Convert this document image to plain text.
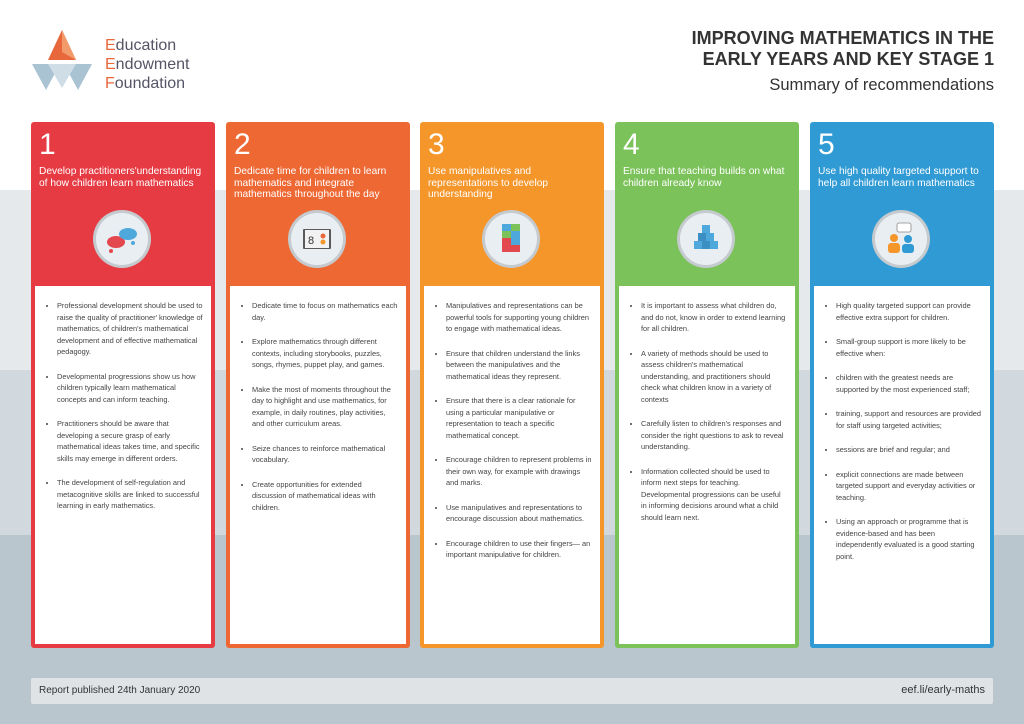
Education
Endowment
Foundation
IMPROVING MATHEMATICS IN THE
EARLY YEARS AND KEY STAGE 1
Summary of recommendations
1
Develop practitioners'understanding of how children learn mathematics
• Professional development should be used to raise the quality of practitioner' knowledge of mathematics, of children's mathematical development and of effective mathematical pedagogy.
• Developmental progressions show us how children typically learn mathematical concepts and can inform teaching.
• Practitioners should be aware that developing a secure grasp of early mathematical ideas takes time, and specific skills may emerge in different orders.
• The development of self-regulation and metacognitive skills are linked to successful learning in early mathematics.
2
Dedicate time for children to learn mathematics and integrate mathematics throughout the day
8
• Dedicate time to focus on mathematics each day.
• Explore mathematics through different contexts, including storybooks, puzzles, songs, rhymes, puppet play, and games.
• Make the most of moments throughout the day to highlight and use mathematics, for example, in daily routines, play activities, and other curriculum areas.
• Seize chances to reinforce mathematical vocabulary.
• Create opportunities for extended discussion of mathematical ideas with children.
3
Use manipulatives and representations to develop understanding
• Manipulatives and representations can be powerful tools for supporting young children to engage with mathematical ideas.
• Ensure that children understand the links between the manipulatives and the mathematical ideas they represent.
• Ensure that there is a clear rationale for using a particular manipulative or representation to teach a specific mathematical concept.
• Encourage children to represent problems in their own way, for example with drawings and marks.
• Use manipulatives and representations to encourage discussion about mathematics.
• Encourage children to use their fingers— an important manipulative for children.
4
Ensure that teaching builds on what children already know
• It is important to assess what children do, and do not, know in order to extend learning for all children.
• A variety of methods should be used to assess children's mathematical understanding, and practitioners should check what children know in a variety of contexts
• Carefully listen to children's responses and consider the right questions to ask to reveal understanding.
• Information collected should be used to inform next steps for teaching. Developmental progressions can be useful in informing decisions around what a child should learn next.
5
Use high quality targeted support to help all children learn mathematics
• High quality targeted support can provide effective extra support for children.
• Small-group support is more likely to be effective when:
• children with the greatest needs are supported by the most experienced staff;
• training, support and resources are provided for staff using targeted activities;
• sessions are brief and regular; and
• explicit connections are made between targeted support and everyday activities or teaching.
• Using an approach or programme that is evidence-based and has been independently evaluated is a good starting point.
Report published 24th January 2020	eef.li/early-maths
